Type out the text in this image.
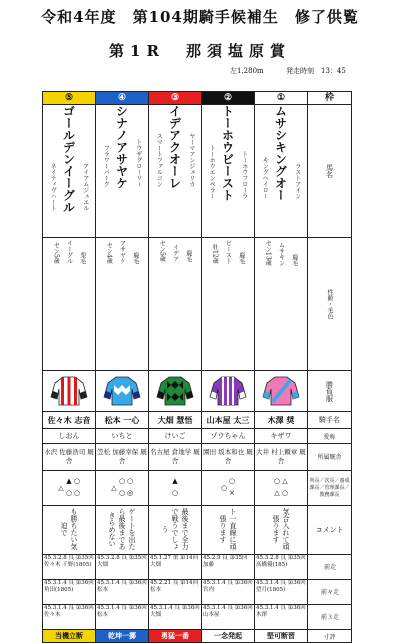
令和4年度　第104期騎手候補生　修了供覧
第1R　那須塩原賞
左1,280m	発走時刻　13：45
⑤	④	③	②	①	枠
ネイティヴハート ゴールデンイーグル アイアムジュエル	フラワーパーク シナノアサヤケ トウザグローリー	スマートファルコン イデアクオーレ ヤーマアンジェリカ	トーホウエンペラー トーホウビースト トーホウフローラ	キングヘイロー ムサシキングオー ラストアイン	馬名
セン5歳 イーグル 栗毛	セン4歳 アサヤケ 鹿毛	セン5歳 イデア 鹿毛	牡12歳 ビースト 鹿毛	セン13歳 ムサキン 鹿毛	性齢・毛色
					勝負服
佐々木 志音	松本 一心	大畑 慧悟	山本屋 太三	木澤 奨	騎手名
しおん	いちと	けいご	ゾウちゃん	キザワ	愛称
水沢 佐藤浩司 厩舎	笠松 加藤幸保 厩舎	名古屋 倉地学 厩舎	園田 坂本和也 厩舎	大井 村上頼章 厩舎	所属厩舎

○ ○ ▲ ○ △	○ ◎ ○ ○ △	▲ ○	○ × ○	△ ○ ○ △	所長／次長／養成課長／管理課長／教務課長

も勝ちたい気迫で	ゲートを出たら最後まであきらめない	最後まで全力で戦うでしょう	ト一直線に頑張ります	気合入れて頑張ります	コメント
45.3.2.8 良 第35回 佐々木 千野(1805)	45.3.2.8 良 第35回 大畑	45.1.27 重 第14回 大畑	45.2.9 良 第35回 加藤	45.3.2.8 良 第35回 髙橋優(185)	前走
45.3.1.4 良 第36回 角田(1805)	45.3.1.4 良 第36回 松本	45.2.21 良 第14回 松本	45.3.1.4 良 第36回 宮内	45.3.1.4 良 第36回 望月(1805)	前々走
45.3.1.4 良 第36回 佐々木	45.3.1.4 良 第36回 松本	45.3.1.4 良 第36回 大畑	45.3.1.4 良 第36回 山本屋	45.3.1.4 良 第36回 木澤	前３走
当機立断	乾坤一擲	勇猛一番	一念発起	堅可断習	寸評
